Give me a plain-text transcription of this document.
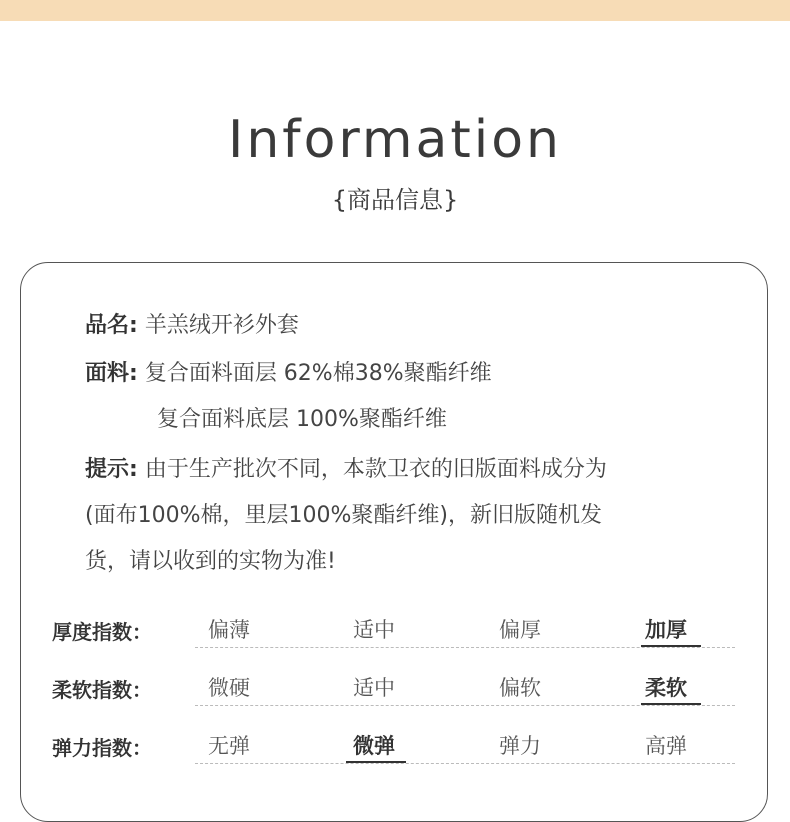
Information
{商品信息}
品名: 羊羔绒开衫外套
面料: 复合面料面层 62%棉38%聚酯纤维
复合面料底层 100%聚酯纤维
提示: 由于生产批次不同，本款卫衣的旧版面料成分为
(面布100%棉，里层100%聚酯纤维)，新旧版随机发
货，请以收到的实物为准!
厚度指数：	偏薄	适中	偏厚	加厚
柔软指数：	微硬	适中	偏软	柔软
弹力指数：	无弹	微弹	弹力	高弹
